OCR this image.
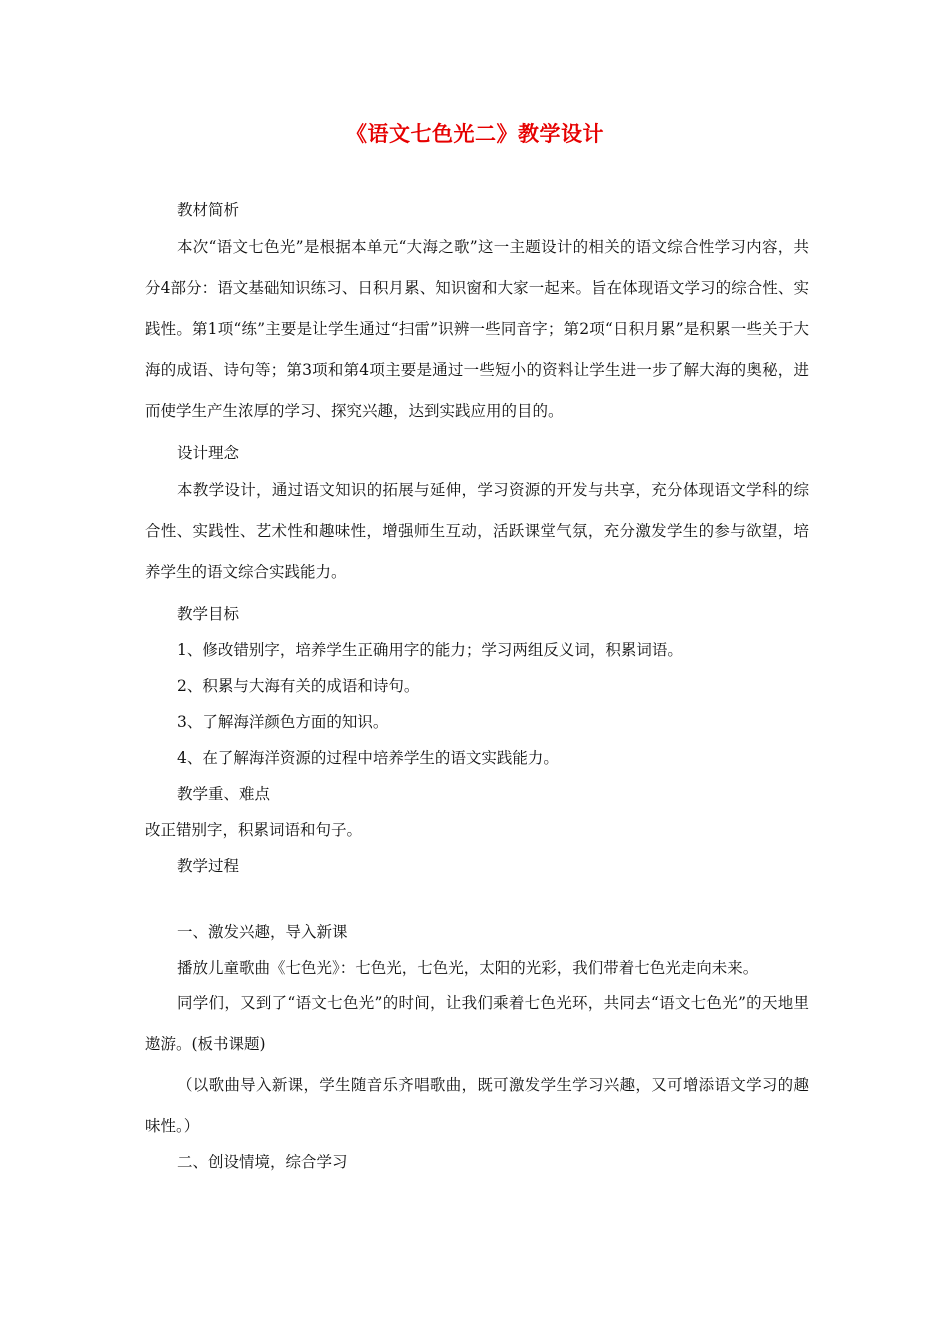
《语文七色光二》教学设计

教材简析

本次“语文七色光”是根据本单元“大海之歌”这一主题设计的相关的语文综合性学习内容，共分4部分：语文基础知识练习、日积月累、知识窗和大家一起来。旨在体现语文学习的综合性、实践性。第1项“练”主要是让学生通过“扫雷”识辨一些同音字；第2项“日积月累”是积累一些关于大海的成语、诗句等；第3项和第4项主要是通过一些短小的资料让学生进一步了解大海的奥秘，进而使学生产生浓厚的学习、探究兴趣，达到实践应用的目的。

设计理念

本教学设计，通过语文知识的拓展与延伸，学习资源的开发与共享，充分体现语文学科的综合性、实践性、艺术性和趣味性，增强师生互动，活跃课堂气氛，充分激发学生的参与欲望，培养学生的语文综合实践能力。

教学目标

1、修改错别字，培养学生正确用字的能力；学习两组反义词，积累词语。

2、积累与大海有关的成语和诗句。

3、了解海洋颜色方面的知识。

4、在了解海洋资源的过程中培养学生的语文实践能力。

教学重、难点

改正错别字，积累词语和句子。

教学过程

一、激发兴趣，导入新课

播放儿童歌曲《七色光》：七色光，七色光，太阳的光彩，我们带着七色光走向未来。

同学们，又到了“语文七色光”的时间，让我们乘着七色光环，共同去“语文七色光”的天地里遨游。(板书课题)

（以歌曲导入新课，学生随音乐齐唱歌曲，既可激发学生学习兴趣，又可增添语文学习的趣味性。）

二、创设情境，综合学习
